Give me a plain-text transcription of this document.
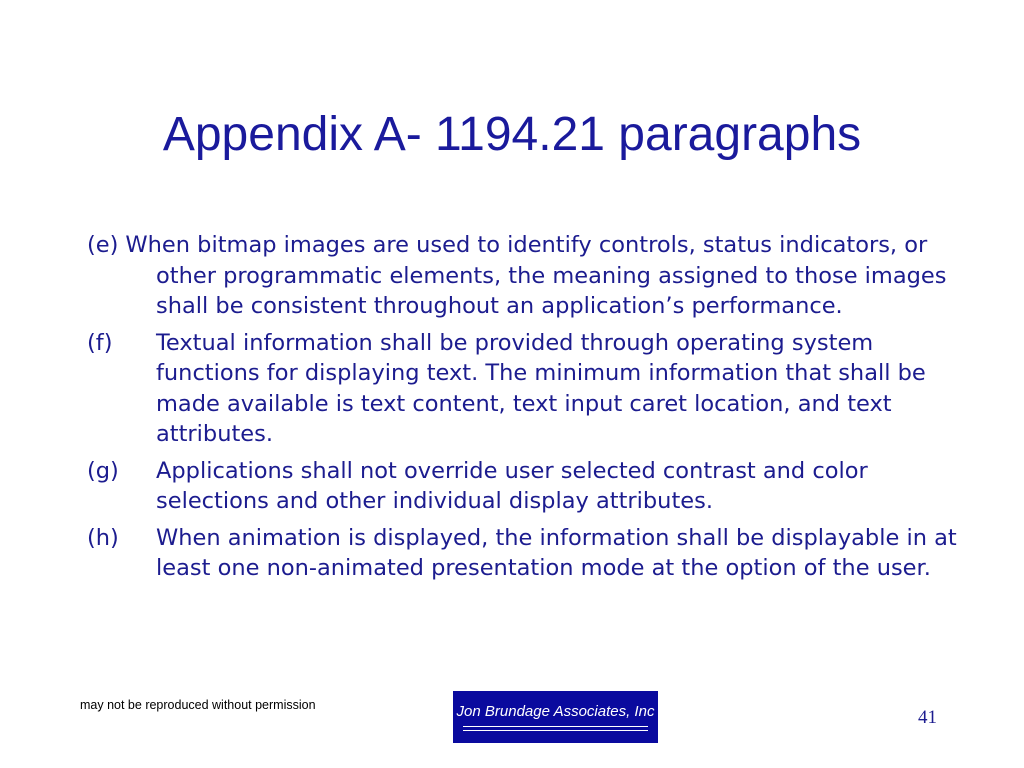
Appendix A- 1194.21 paragraphs
(e) When bitmap images are used to identify controls, status indicators, or other programmatic elements, the meaning assigned to those images shall be consistent throughout an application’s performance.
(f) Textual information shall be provided through operating system functions for displaying text. The minimum information that shall be made available is text content, text input caret location, and text attributes.
(g) Applications shall not override user selected contrast and color selections and other individual display attributes.
(h) When animation is displayed, the information shall be displayable in at least one non-animated presentation mode at the option of the user.
may not be reproduced without permission	Jon Brundage Associates, Inc	41
